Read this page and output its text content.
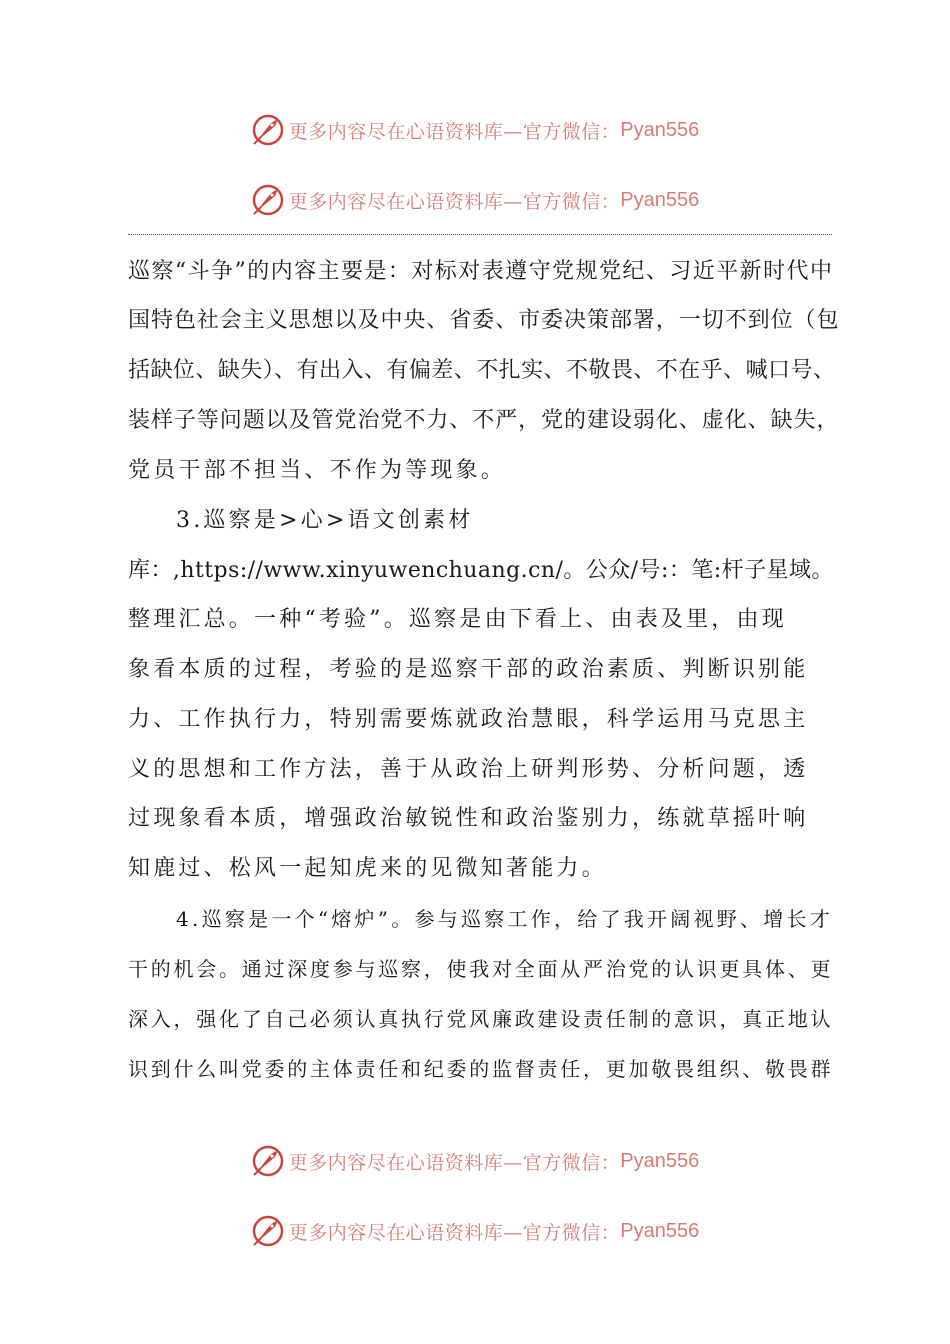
更多内容尽在心语资料库—官方微信： Pyan556
更多内容尽在心语资料库—官方微信： Pyan556
更多内容尽在心语资料库—官方微信： Pyan556
更多内容尽在心语资料库—官方微信： Pyan556
巡察“斗争”的内容主要是：对标对表遵守党规党纪、习近平新时代中
国特色社会主义思想以及中央、省委、市委决策部署，一切不到位（包
括缺位、缺失）、有出入、有偏差、不扎实、不敬畏、不在乎、喊口号、
装样子等问题以及管党治党不力、不严，党的建设弱化、虚化、缺失，
党员干部不担当、不作为等现象。
3.巡察是>心>语文创素材
库：,https://www.xinyuwenchuang.cn/。公众/号:：笔:杆子星域。
整理汇总。一种“考验”。巡察是由下看上、由表及里，由现
象看本质的过程，考验的是巡察干部的政治素质、判断识别能
力、工作执行力，特别需要炼就政治慧眼，科学运用马克思主
义的思想和工作方法，善于从政治上研判形势、分析问题，透
过现象看本质，增强政治敏锐性和政治鉴别力，练就草摇叶响
知鹿过、松风一起知虎来的见微知著能力。
4.巡察是一个“熔炉”。参与巡察工作，给了我开阔视野、增长才
干的机会。通过深度参与巡察，使我对全面从严治党的认识更具体、更
深入，强化了自己必须认真执行党风廉政建设责任制的意识，真正地认
识到什么叫党委的主体责任和纪委的监督责任，更加敬畏组织、敬畏群
